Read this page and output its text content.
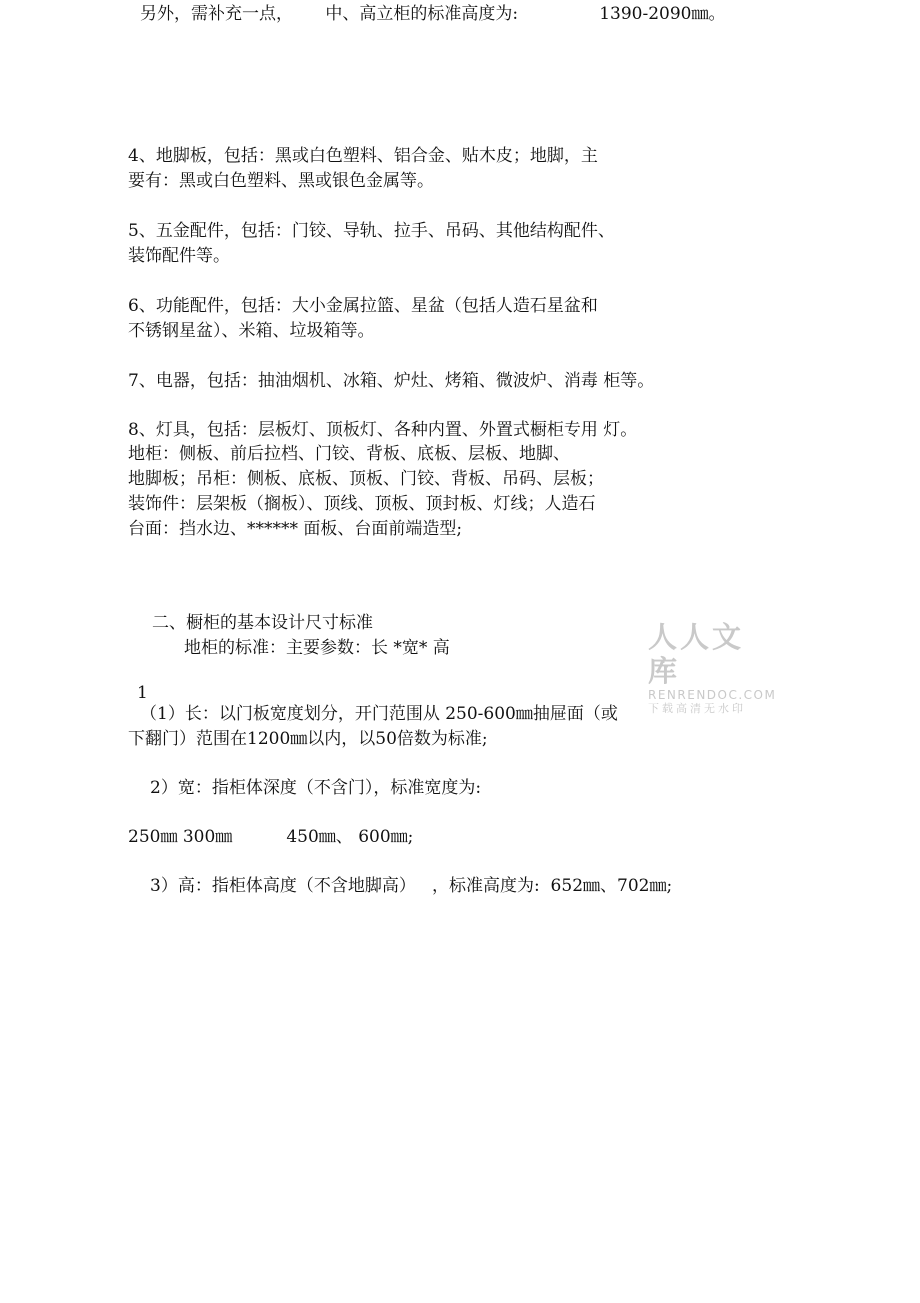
另外，需补充一点，      中、高立柜的标准高度为:               1390-2090㎜。
4、地脚板，包括：黑或白色塑料、铝合金、贴木皮；地脚，主
要有：黑或白色塑料、黑或银色金属等。
5、五金配件，包括：门铰、导轨、拉手、吊码、其他结构配件、
装饰配件等。
6、功能配件，包括：大小金属拉篮、星盆（包括人造石星盆和
不锈钢星盆）、米箱、垃圾箱等。
7、电器，包括：抽油烟机、冰箱、炉灶、烤箱、微波炉、消毒 柜等。
8、灯具，包括：层板灯、顶板灯、各种内置、外置式橱柜专用 灯。
地柜：侧板、前后拉档、门铰、背板、底板、层板、地脚、
地脚板；吊柜：侧板、底板、顶板、门铰、背板、吊码、层板；
装饰件：层架板（搁板）、顶线、顶板、顶封板、灯线；人造石
台面：挡水边、****** 面板、台面前端造型;
二、橱柜的基本设计尺寸标准
地柜的标准：主要参数：长 *宽* 高
1
（1）长：以门板宽度划分，开门范围从 250-600㎜抽屉面（或
下翻门）范围在1200㎜以内，以50倍数为标准;
2）宽：指柜体深度（不含门），标准宽度为:
250㎜ 300㎜          450㎜、 600㎜;
3）高：指柜体高度（不含地脚高）   ，标准高度为:  652㎜、702㎜;
人人文库
RENRENDOC.COM
下载高清无水印
